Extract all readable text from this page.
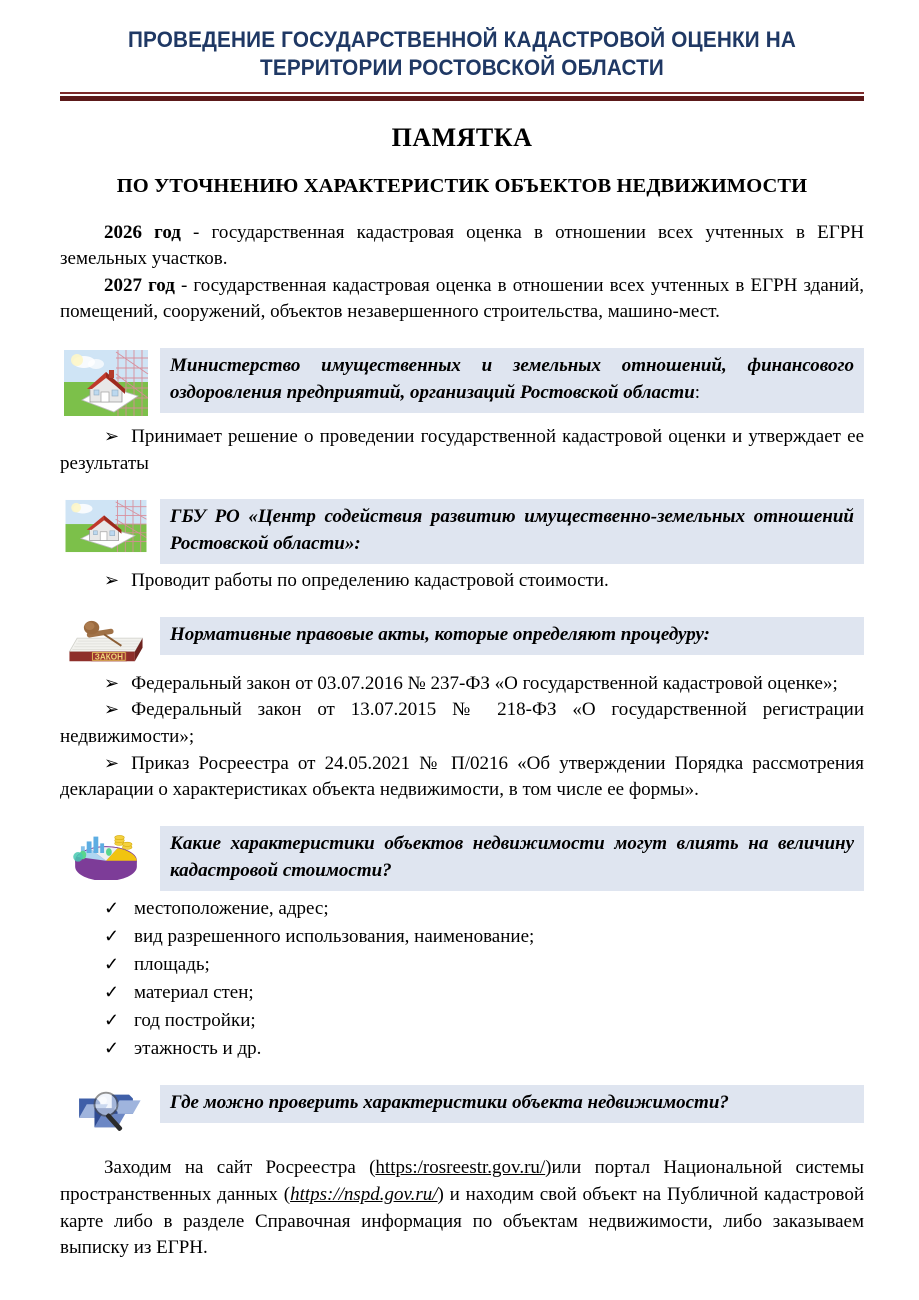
ПРОВЕДЕНИЕ ГОСУДАРСТВЕННОЙ КАДАСТРОВОЙ ОЦЕНКИ НА
ТЕРРИТОРИИ РОСТОВСКОЙ ОБЛАСТИ
ПАМЯТКА
ПО УТОЧНЕНИЮ ХАРАКТЕРИСТИК ОБЪЕКТОВ НЕДВИЖИМОСТИ

2026 год - государственная кадастровая оценка в отношении всех учтенных в ЕГРН земельных участков.

2027 год - государственная кадастровая оценка в отношении всех учтенных в ЕГРН зданий, помещений, сооружений, объектов незавершенного строительства, машино-мест.

Министерство имущественных и земельных отношений, финансового оздоровления предприятий, организаций Ростовской области:

➢ Принимает решение о проведении государственной кадастровой оценки и утверждает ее результаты

ГБУ РО «Центр содействия развитию имущественно-земельных отношений Ростовской области»:

➢ Проводит работы по определению кадастровой стоимости.

ЗАКОН
Нормативные правовые акты, которые определяют процедуру:

➢ Федеральный закон от 03.07.2016 № 237-ФЗ «О государственной кадастровой оценке»;

➢ Федеральный закон от 13.07.2015 № 218-ФЗ «О государственной регистрации недвижимости»;

➢ Приказ Росреестра от 24.05.2021 № П/0216 «Об утверждении Порядка рассмотрения декларации о характеристиках объекта недвижимости, в том числе ее формы».

Какие характеристики объектов недвижимости могут влиять на величину кадастровой стоимости?
✓ местоположение, адрес;
✓ вид разрешенного использования, наименование;
✓ площадь;
✓ материал стен;
✓ год постройки;
✓ этажность и др.
Где можно проверить характеристики объекта недвижимости?

Заходим на сайт Росреестра (https:/rosreestr.gov.ru/)или портал Национальной системы пространственных данных (https://nspd.gov.ru/) и находим свой объект на Публичной кадастровой карте либо в разделе Справочная информация по объектам недвижимости, либо заказываем выписку из ЕГРН.
